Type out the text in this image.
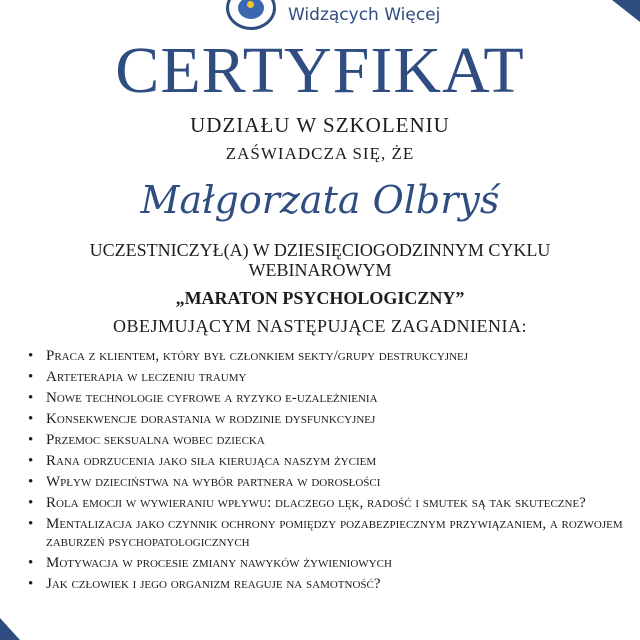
Widzących Więcej
CERTYFIKAT
UDZIAŁU W SZKOLENIU
ZAŚWIADCZA SIĘ, ŻE
Małgorzata Olbryś
UCZESTNICZYŁ(A) W DZIESIĘCIOGODZINNYM CYKLU WEBINAROWYM
„MARATON PSYCHOLOGICZNY”
OBEJMUJĄCYM NASTĘPUJĄCE ZAGADNIENIA:
• Praca z klientem, który był członkiem sekty/grupy destrukcyjnej
• Arteterapia w leczeniu traumy
• Nowe technologie cyfrowe a ryzyko e-uzależnienia
• Konsekwencje dorastania w rodzinie dysfunkcyjnej
• Przemoc seksualna wobec dziecka
• Rana odrzucenia jako siła kierująca naszym życiem
• Wpływ dzieciństwa na wybór partnera w dorosłości
• Rola emocji w wywieraniu wpływu: dlaczego lęk, radość i smutek są tak skuteczne?
• Mentalizacja jako czynnik ochrony pomiędzy pozabezpiecznym przywiązaniem, a rozwojem zaburzeń psychopatologicznych
• Motywacja w procesie zmiany nawyków żywieniowych
• Jak człowiek i jego organizm reaguje na samotność?
